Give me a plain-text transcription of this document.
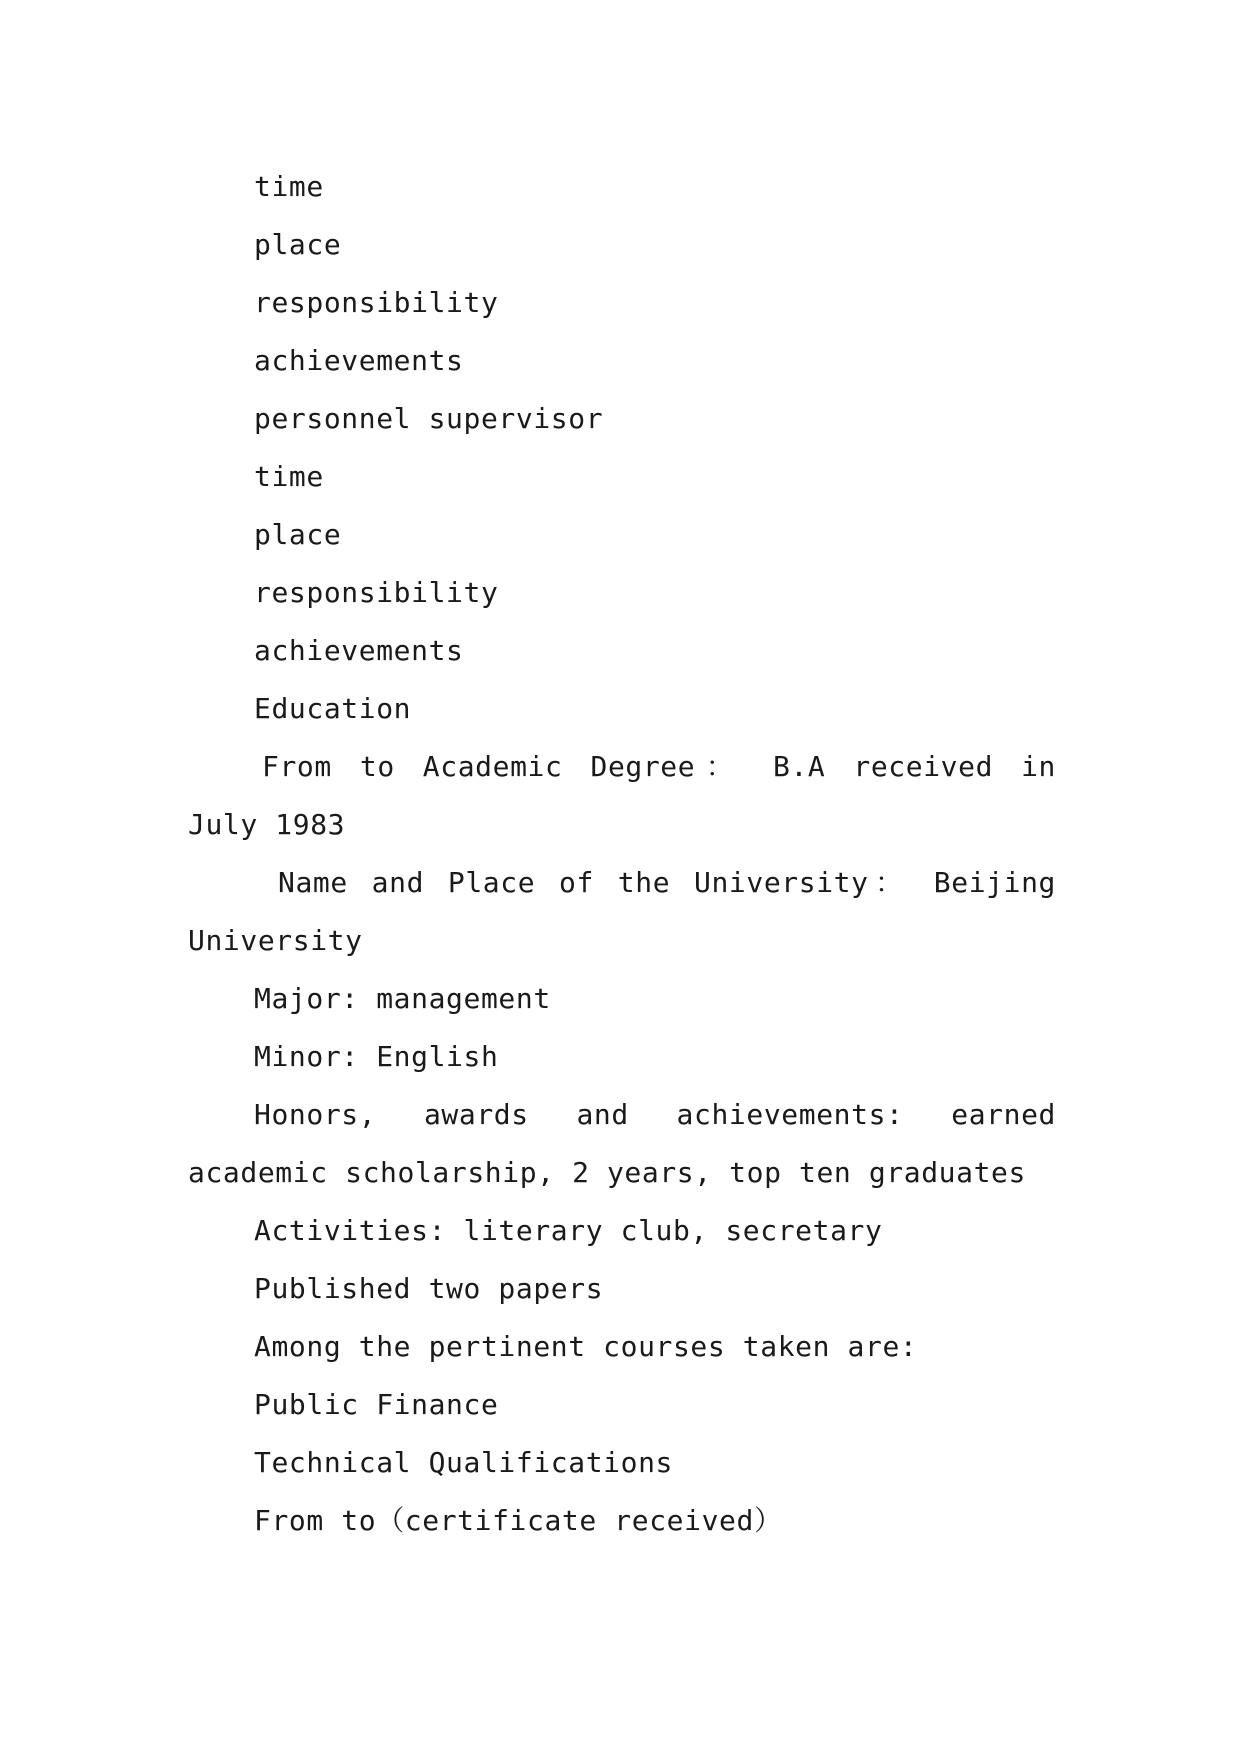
time

place

responsibility

achievements

personnel supervisor

time

place

responsibility

achievements

Education

From to Academic Degree： B.A received in July 1983

Name and Place of the University： Beijing University

Major: management

Minor: English

Honors, awards and achievements: earned academic scholarship, 2 years, top ten graduates

Activities: literary club, secretary

Published two papers

Among the pertinent courses taken are:

Public Finance

Technical Qualifications

From to（certificate received）
